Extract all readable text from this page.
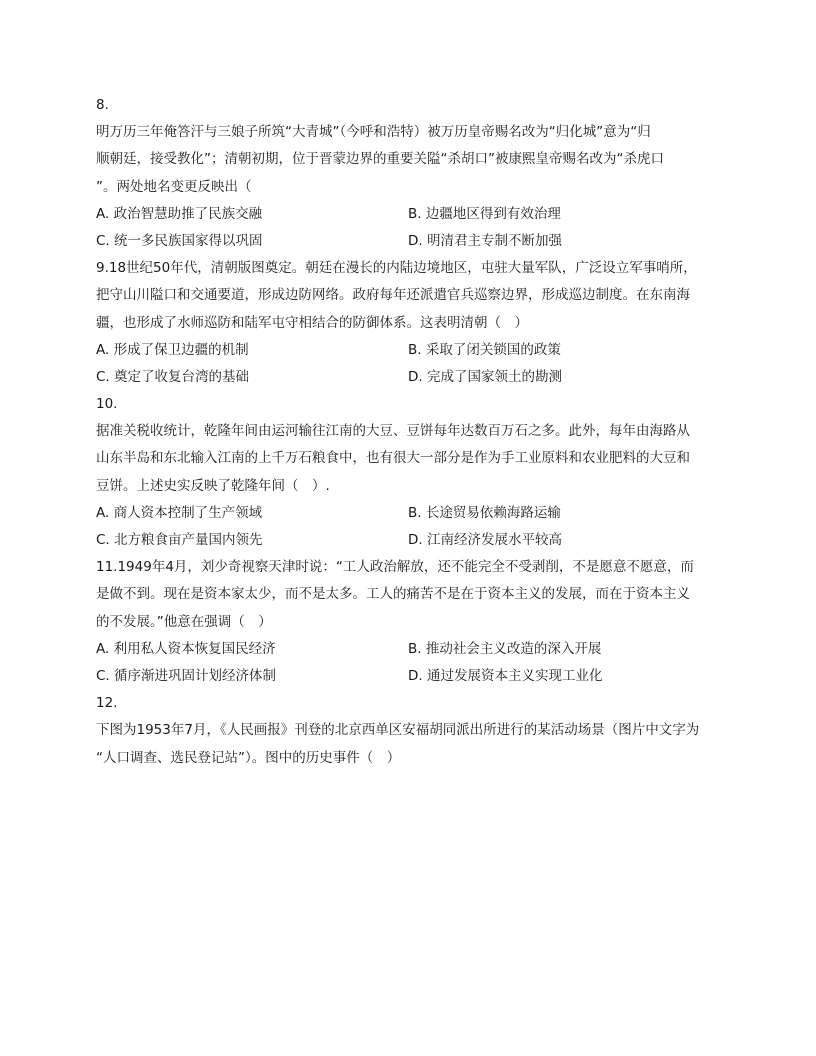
8.
明万历三年俺答汗与三娘子所筑“大青城”（今呼和浩特）被万历皇帝赐名改为“归化城”意为“归
顺朝廷，接受教化”；清朝初期，位于晋蒙边界的重要关隘“杀胡口”被康熙皇帝赐名改为“杀虎口
”。两处地名变更反映出（
A. 政治智慧助推了民族交融	B. 边疆地区得到有效治理
C. 统一多民族国家得以巩固	D. 明清君主专制不断加强
9.18世纪50年代，清朝版图奠定。朝廷在漫长的内陆边境地区，屯驻大量军队，广泛设立军事哨所，
把守山川隘口和交通要道，形成边防网络。政府每年还派遣官兵巡察边界，形成巡边制度。在东南海
疆，也形成了水师巡防和陆军屯守相结合的防御体系。这表明清朝（　）
A. 形成了保卫边疆的机制	B. 采取了闭关锁国的政策
C. 奠定了收复台湾的基础	D. 完成了国家领土的勘测
10.
据准关税收统计，乾隆年间由运河输往江南的大豆、豆饼每年达数百万石之多。此外，每年由海路从
山东半岛和东北输入江南的上千万石粮食中，也有很大一部分是作为手工业原料和农业肥料的大豆和
豆饼。上述史实反映了乾隆年间（　）.
A. 商人资本控制了生产领域	B. 长途贸易依赖海路运输
C. 北方粮食亩产量国内领先	D. 江南经济发展水平较高
11.1949年4月，刘少奇视察天津时说：“工人政治解放，还不能完全不受剥削，不是愿意不愿意，而
是做不到。现在是资本家太少，而不是太多。工人的痛苦不是在于资本主义的发展，而在于资本主义
的不发展。”他意在强调（　）
A. 利用私人资本恢复国民经济	B. 推动社会主义改造的深入开展
C. 循序渐进巩固计划经济体制	D. 通过发展资本主义实现工业化
12.
下图为1953年7月，《人民画报》刊登的北京西单区安福胡同派出所进行的某活动场景（图片中文字为
“人口调查、选民登记站”）。图中的历史事件（　）
